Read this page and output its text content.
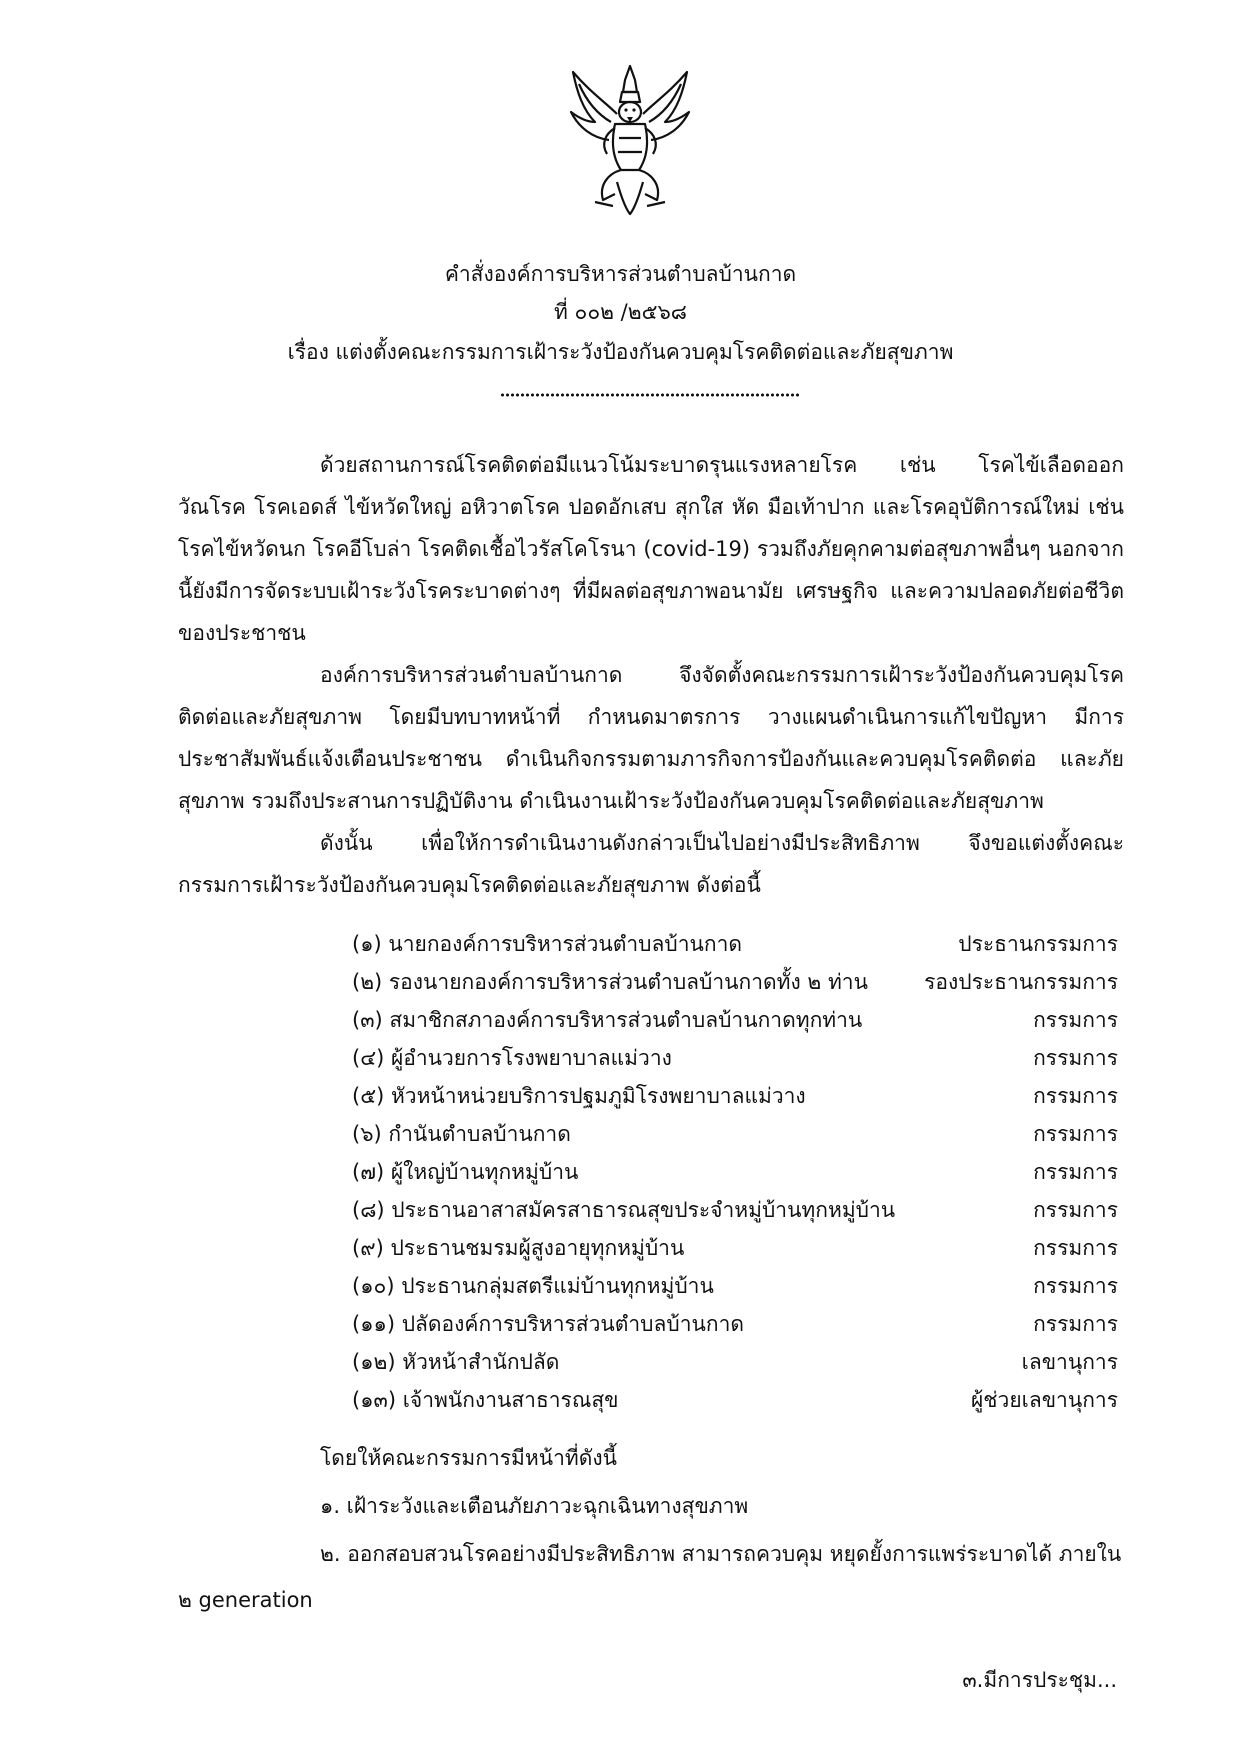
คำสั่งองค์การบริหารส่วนตำบลบ้านกาด
ที่ ๐๐๒ /๒๕๖๘
เรื่อง แต่งตั้งคณะกรรมการเฝ้าระวังป้องกันควบคุมโรคติดต่อและภัยสุขภาพ
ด้วยสถานการณ์โรคติดต่อมีแนวโน้มระบาดรุนแรงหลายโรค เช่น โรคไข้เลือดออก วัณโรค โรคเอดส์ ไข้หวัดใหญ่ อหิวาตโรค ปอดอักเสบ สุกใส หัด มือเท้าปาก และโรคอุบัติการณ์ใหม่ เช่น โรคไข้หวัดนก โรคอีโบล่า โรคติดเชื้อไวรัสโคโรนา (covid-19) รวมถึงภัยคุกคามต่อสุขภาพอื่นๆ นอกจากนี้ยังมีการจัดระบบเฝ้าระวังโรคระบาดต่างๆ ที่มีผลต่อสุขภาพอนามัย เศรษฐกิจ และความปลอดภัยต่อชีวิตของประชาชน
องค์การบริหารส่วนตำบลบ้านกาด จึงจัดตั้งคณะกรรมการเฝ้าระวังป้องกันควบคุมโรคติดต่อและภัยสุขภาพ โดยมีบทบาทหน้าที่ กำหนดมาตรการ วางแผนดำเนินการแก้ไขปัญหา มีการประชาสัมพันธ์แจ้งเตือนประชาชน ดำเนินกิจกรรมตามภารกิจการป้องกันและควบคุมโรคติดต่อ และภัยสุขภาพ รวมถึงประสานการปฏิบัติงาน ดำเนินงานเฝ้าระวังป้องกันควบคุมโรคติดต่อและภัยสุขภาพ
ดังนั้น เพื่อให้การดำเนินงานดังกล่าวเป็นไปอย่างมีประสิทธิภาพ จึงขอแต่งตั้งคณะกรรมการเฝ้าระวังป้องกันควบคุมโรคติดต่อและภัยสุขภาพ ดังต่อนี้
(๑) นายกองค์การบริหารส่วนตำบลบ้านกาด	ประธานกรรมการ
(๒) รองนายกองค์การบริหารส่วนตำบลบ้านกาดทั้ง ๒ ท่าน	รองประธานกรรมการ
(๓) สมาชิกสภาองค์การบริหารส่วนตำบลบ้านกาดทุกท่าน	กรรมการ
(๔) ผู้อำนวยการโรงพยาบาลแม่วาง	กรรมการ
(๕) หัวหน้าหน่วยบริการปฐมภูมิโรงพยาบาลแม่วาง	กรรมการ
(๖) กำนันตำบลบ้านกาด	กรรมการ
(๗) ผู้ใหญ่บ้านทุกหมู่บ้าน	กรรมการ
(๘) ประธานอาสาสมัครสาธารณสุขประจำหมู่บ้านทุกหมู่บ้าน	กรรมการ
(๙) ประธานชมรมผู้สูงอายุทุกหมู่บ้าน	กรรมการ
(๑๐) ประธานกลุ่มสตรีแม่บ้านทุกหมู่บ้าน	กรรมการ
(๑๑) ปลัดองค์การบริหารส่วนตำบลบ้านกาด	กรรมการ
(๑๒) หัวหน้าสำนักปลัด	เลขานุการ
(๑๓) เจ้าพนักงานสาธารณสุข	ผู้ช่วยเลขานุการ
โดยให้คณะกรรมการมีหน้าที่ดังนี้
๑. เฝ้าระวังและเตือนภัยภาวะฉุกเฉินทางสุขภาพ
๒. ออกสอบสวนโรคอย่างมีประสิทธิภาพ สามารถควบคุม หยุดยั้งการแพร่ระบาดได้ ภายใน
๒ generation
๓.มีการประชุม...
